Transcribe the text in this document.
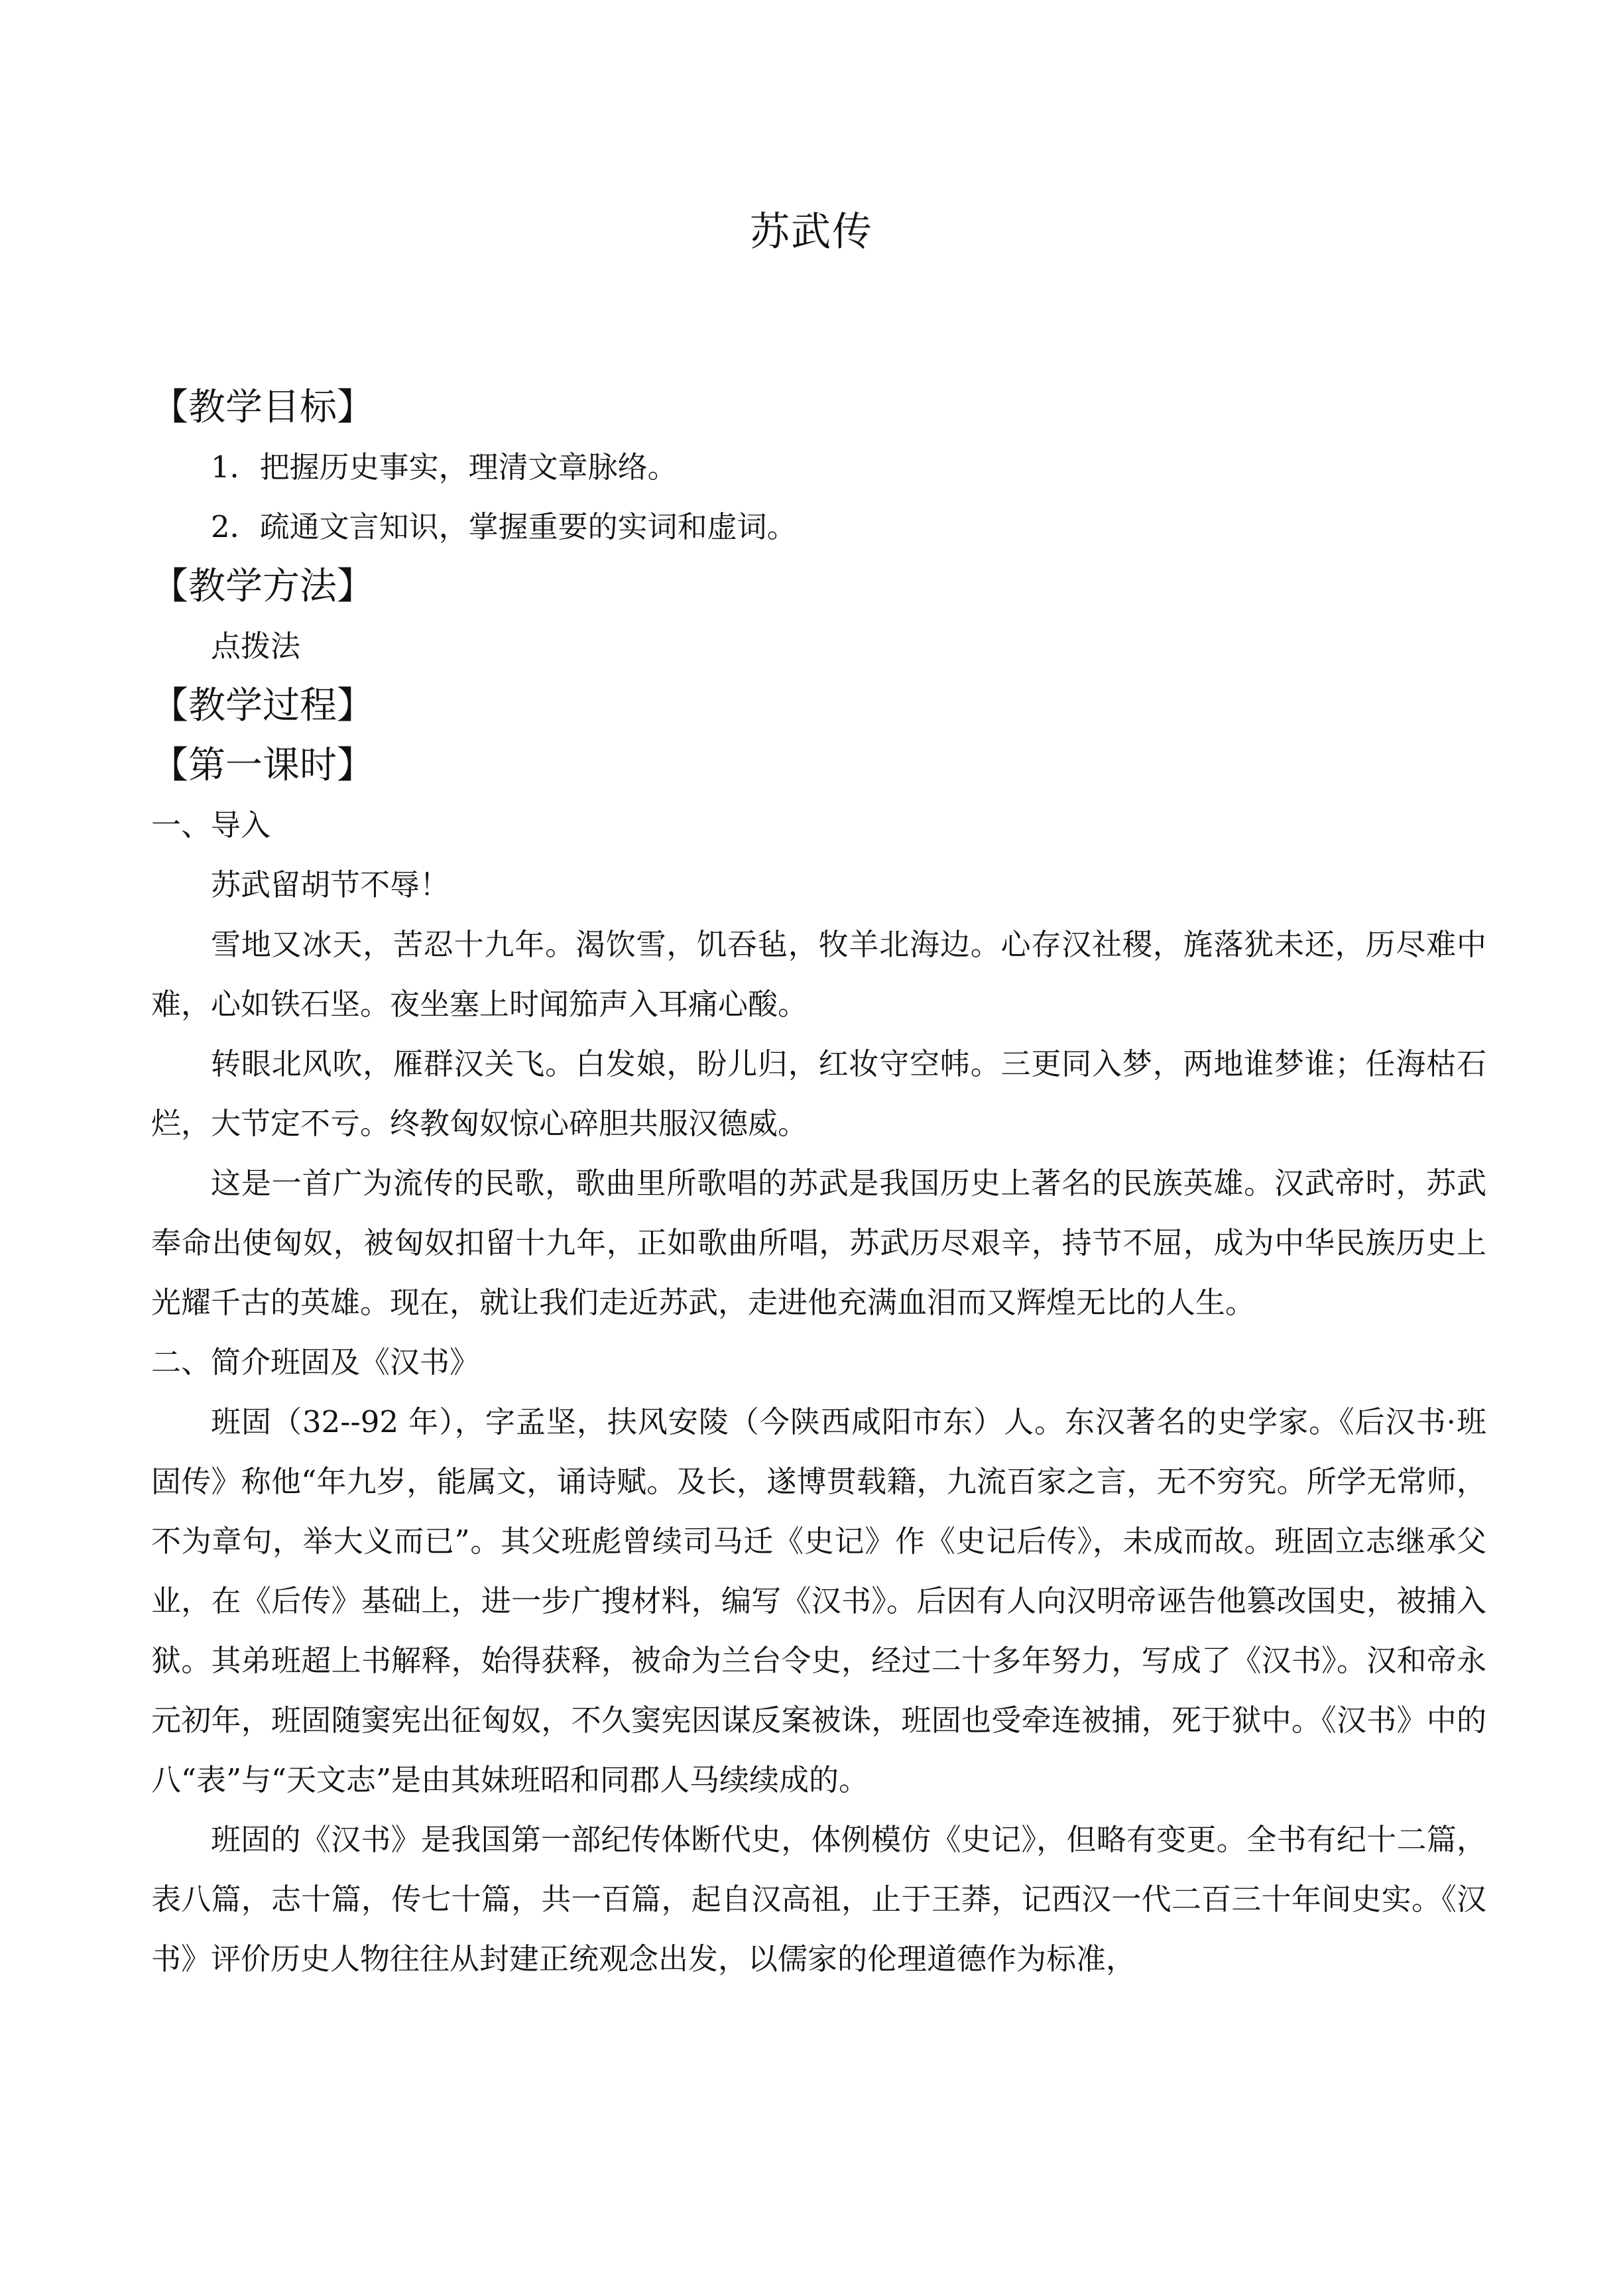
苏武传

【教学目标】

1．把握历史事实，理清文章脉络。

2．疏通文言知识，掌握重要的实词和虚词。

【教学方法】

点拨法

【教学过程】

【第一课时】

一、导入

苏武留胡节不辱！

雪地又冰天，苦忍十九年。渴饮雪，饥吞毡，牧羊北海边。心存汉社稷，旄落犹未还，历尽难中难，心如铁石坚。夜坐塞上时闻笳声入耳痛心酸。

转眼北风吹，雁群汉关飞。白发娘，盼儿归，红妆守空帏。三更同入梦，两地谁梦谁；任海枯石烂，大节定不亏。终教匈奴惊心碎胆共服汉德威。

这是一首广为流传的民歌，歌曲里所歌唱的苏武是我国历史上著名的民族英雄。汉武帝时，苏武奉命出使匈奴，被匈奴扣留十九年，正如歌曲所唱，苏武历尽艰辛，持节不屈，成为中华民族历史上光耀千古的英雄。现在，就让我们走近苏武，走进他充满血泪而又辉煌无比的人生。

二、简介班固及《汉书》

班固（32--92 年），字孟坚，扶风安陵（今陕西咸阳市东）人。东汉著名的史学家。《后汉书·班固传》称他“年九岁，能属文，诵诗赋。及长，遂博贯载籍，九流百家之言，无不穷究。所学无常师，不为章句，举大义而已”。其父班彪曾续司马迁《史记》作《史记后传》，未成而故。班固立志继承父业，在《后传》基础上，进一步广搜材料，编写《汉书》。后因有人向汉明帝诬告他篡改国史，被捕入狱。其弟班超上书解释，始得获释，被命为兰台令史，经过二十多年努力，写成了《汉书》。汉和帝永元初年，班固随窦宪出征匈奴，不久窦宪因谋反案被诛，班固也受牵连被捕，死于狱中。《汉书》中的八“表”与“天文志”是由其妹班昭和同郡人马续续成的。

班固的《汉书》是我国第一部纪传体断代史，体例模仿《史记》，但略有变更。全书有纪十二篇，表八篇，志十篇，传七十篇，共一百篇，起自汉高祖，止于王莽，记西汉一代二百三十年间史实。《汉书》评价历史人物往往从封建正统观念出发，以儒家的伦理道德作为标准，
